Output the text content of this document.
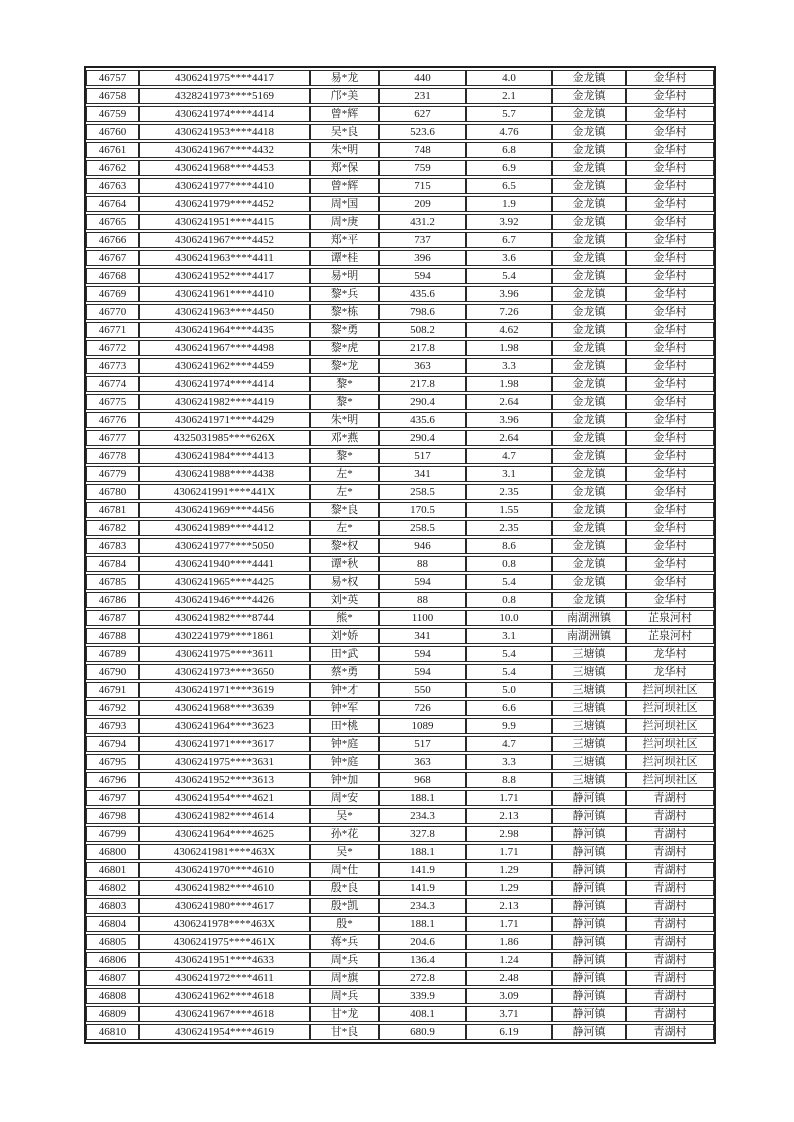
46757	4306241975****4417	易*龙	440	4.0	金龙镇	金华村
46758	4328241973****5169	邝*美	231	2.1	金龙镇	金华村
46759	4306241974****4414	曾*辉	627	5.7	金龙镇	金华村
46760	4306241953****4418	吴*良	523.6	4.76	金龙镇	金华村
46761	4306241967****4432	朱*明	748	6.8	金龙镇	金华村
46762	4306241968****4453	郑*保	759	6.9	金龙镇	金华村
46763	4306241977****4410	曾*辉	715	6.5	金龙镇	金华村
46764	4306241979****4452	周*国	209	1.9	金龙镇	金华村
46765	4306241951****4415	周*庚	431.2	3.92	金龙镇	金华村
46766	4306241967****4452	郑*平	737	6.7	金龙镇	金华村
46767	4306241963****4411	谭*桂	396	3.6	金龙镇	金华村
46768	4306241952****4417	易*明	594	5.4	金龙镇	金华村
46769	4306241961****4410	黎*兵	435.6	3.96	金龙镇	金华村
46770	4306241963****4450	黎*栋	798.6	7.26	金龙镇	金华村
46771	4306241964****4435	黎*勇	508.2	4.62	金龙镇	金华村
46772	4306241967****4498	黎*虎	217.8	1.98	金龙镇	金华村
46773	4306241962****4459	黎*龙	363	3.3	金龙镇	金华村
46774	4306241974****4414	黎*	217.8	1.98	金龙镇	金华村
46775	4306241982****4419	黎*	290.4	2.64	金龙镇	金华村
46776	4306241971****4429	朱*明	435.6	3.96	金龙镇	金华村
46777	4325031985****626X	邓*燕	290.4	2.64	金龙镇	金华村
46778	4306241984****4413	黎*	517	4.7	金龙镇	金华村
46779	4306241988****4438	左*	341	3.1	金龙镇	金华村
46780	4306241991****441X	左*	258.5	2.35	金龙镇	金华村
46781	4306241969****4456	黎*良	170.5	1.55	金龙镇	金华村
46782	4306241989****4412	左*	258.5	2.35	金龙镇	金华村
46783	4306241977****5050	黎*权	946	8.6	金龙镇	金华村
46784	4306241940****4441	谭*秋	88	0.8	金龙镇	金华村
46785	4306241965****4425	易*权	594	5.4	金龙镇	金华村
46786	4306241946****4426	刘*英	88	0.8	金龙镇	金华村
46787	4306241982****8744	熊*	1100	10.0	南湖洲镇	芷泉河村
46788	4302241979****1861	刘*娇	341	3.1	南湖洲镇	芷泉河村
46789	4306241975****3611	田*武	594	5.4	三塘镇	龙华村
46790	4306241973****3650	蔡*勇	594	5.4	三塘镇	龙华村
46791	4306241971****3619	钟*才	550	5.0	三塘镇	拦河坝社区
46792	4306241968****3639	钟*军	726	6.6	三塘镇	拦河坝社区
46793	4306241964****3623	田*桃	1089	9.9	三塘镇	拦河坝社区
46794	4306241971****3617	钟*庭	517	4.7	三塘镇	拦河坝社区
46795	4306241975****3631	钟*庭	363	3.3	三塘镇	拦河坝社区
46796	4306241952****3613	钟*加	968	8.8	三塘镇	拦河坝社区
46797	4306241954****4621	周*安	188.1	1.71	静河镇	青湖村
46798	4306241982****4614	吴*	234.3	2.13	静河镇	青湖村
46799	4306241964****4625	孙*花	327.8	2.98	静河镇	青湖村
46800	4306241981****463X	吴*	188.1	1.71	静河镇	青湖村
46801	4306241970****4610	周*仕	141.9	1.29	静河镇	青湖村
46802	4306241982****4610	殷*良	141.9	1.29	静河镇	青湖村
46803	4306241980****4617	殷*凯	234.3	2.13	静河镇	青湖村
46804	4306241978****463X	殷*	188.1	1.71	静河镇	青湖村
46805	4306241975****461X	蒋*兵	204.6	1.86	静河镇	青湖村
46806	4306241951****4633	周*兵	136.4	1.24	静河镇	青湖村
46807	4306241972****4611	周*旗	272.8	2.48	静河镇	青湖村
46808	4306241962****4618	周*兵	339.9	3.09	静河镇	青湖村
46809	4306241967****4618	甘*龙	408.1	3.71	静河镇	青湖村
46810	4306241954****4619	甘*良	680.9	6.19	静河镇	青湖村
